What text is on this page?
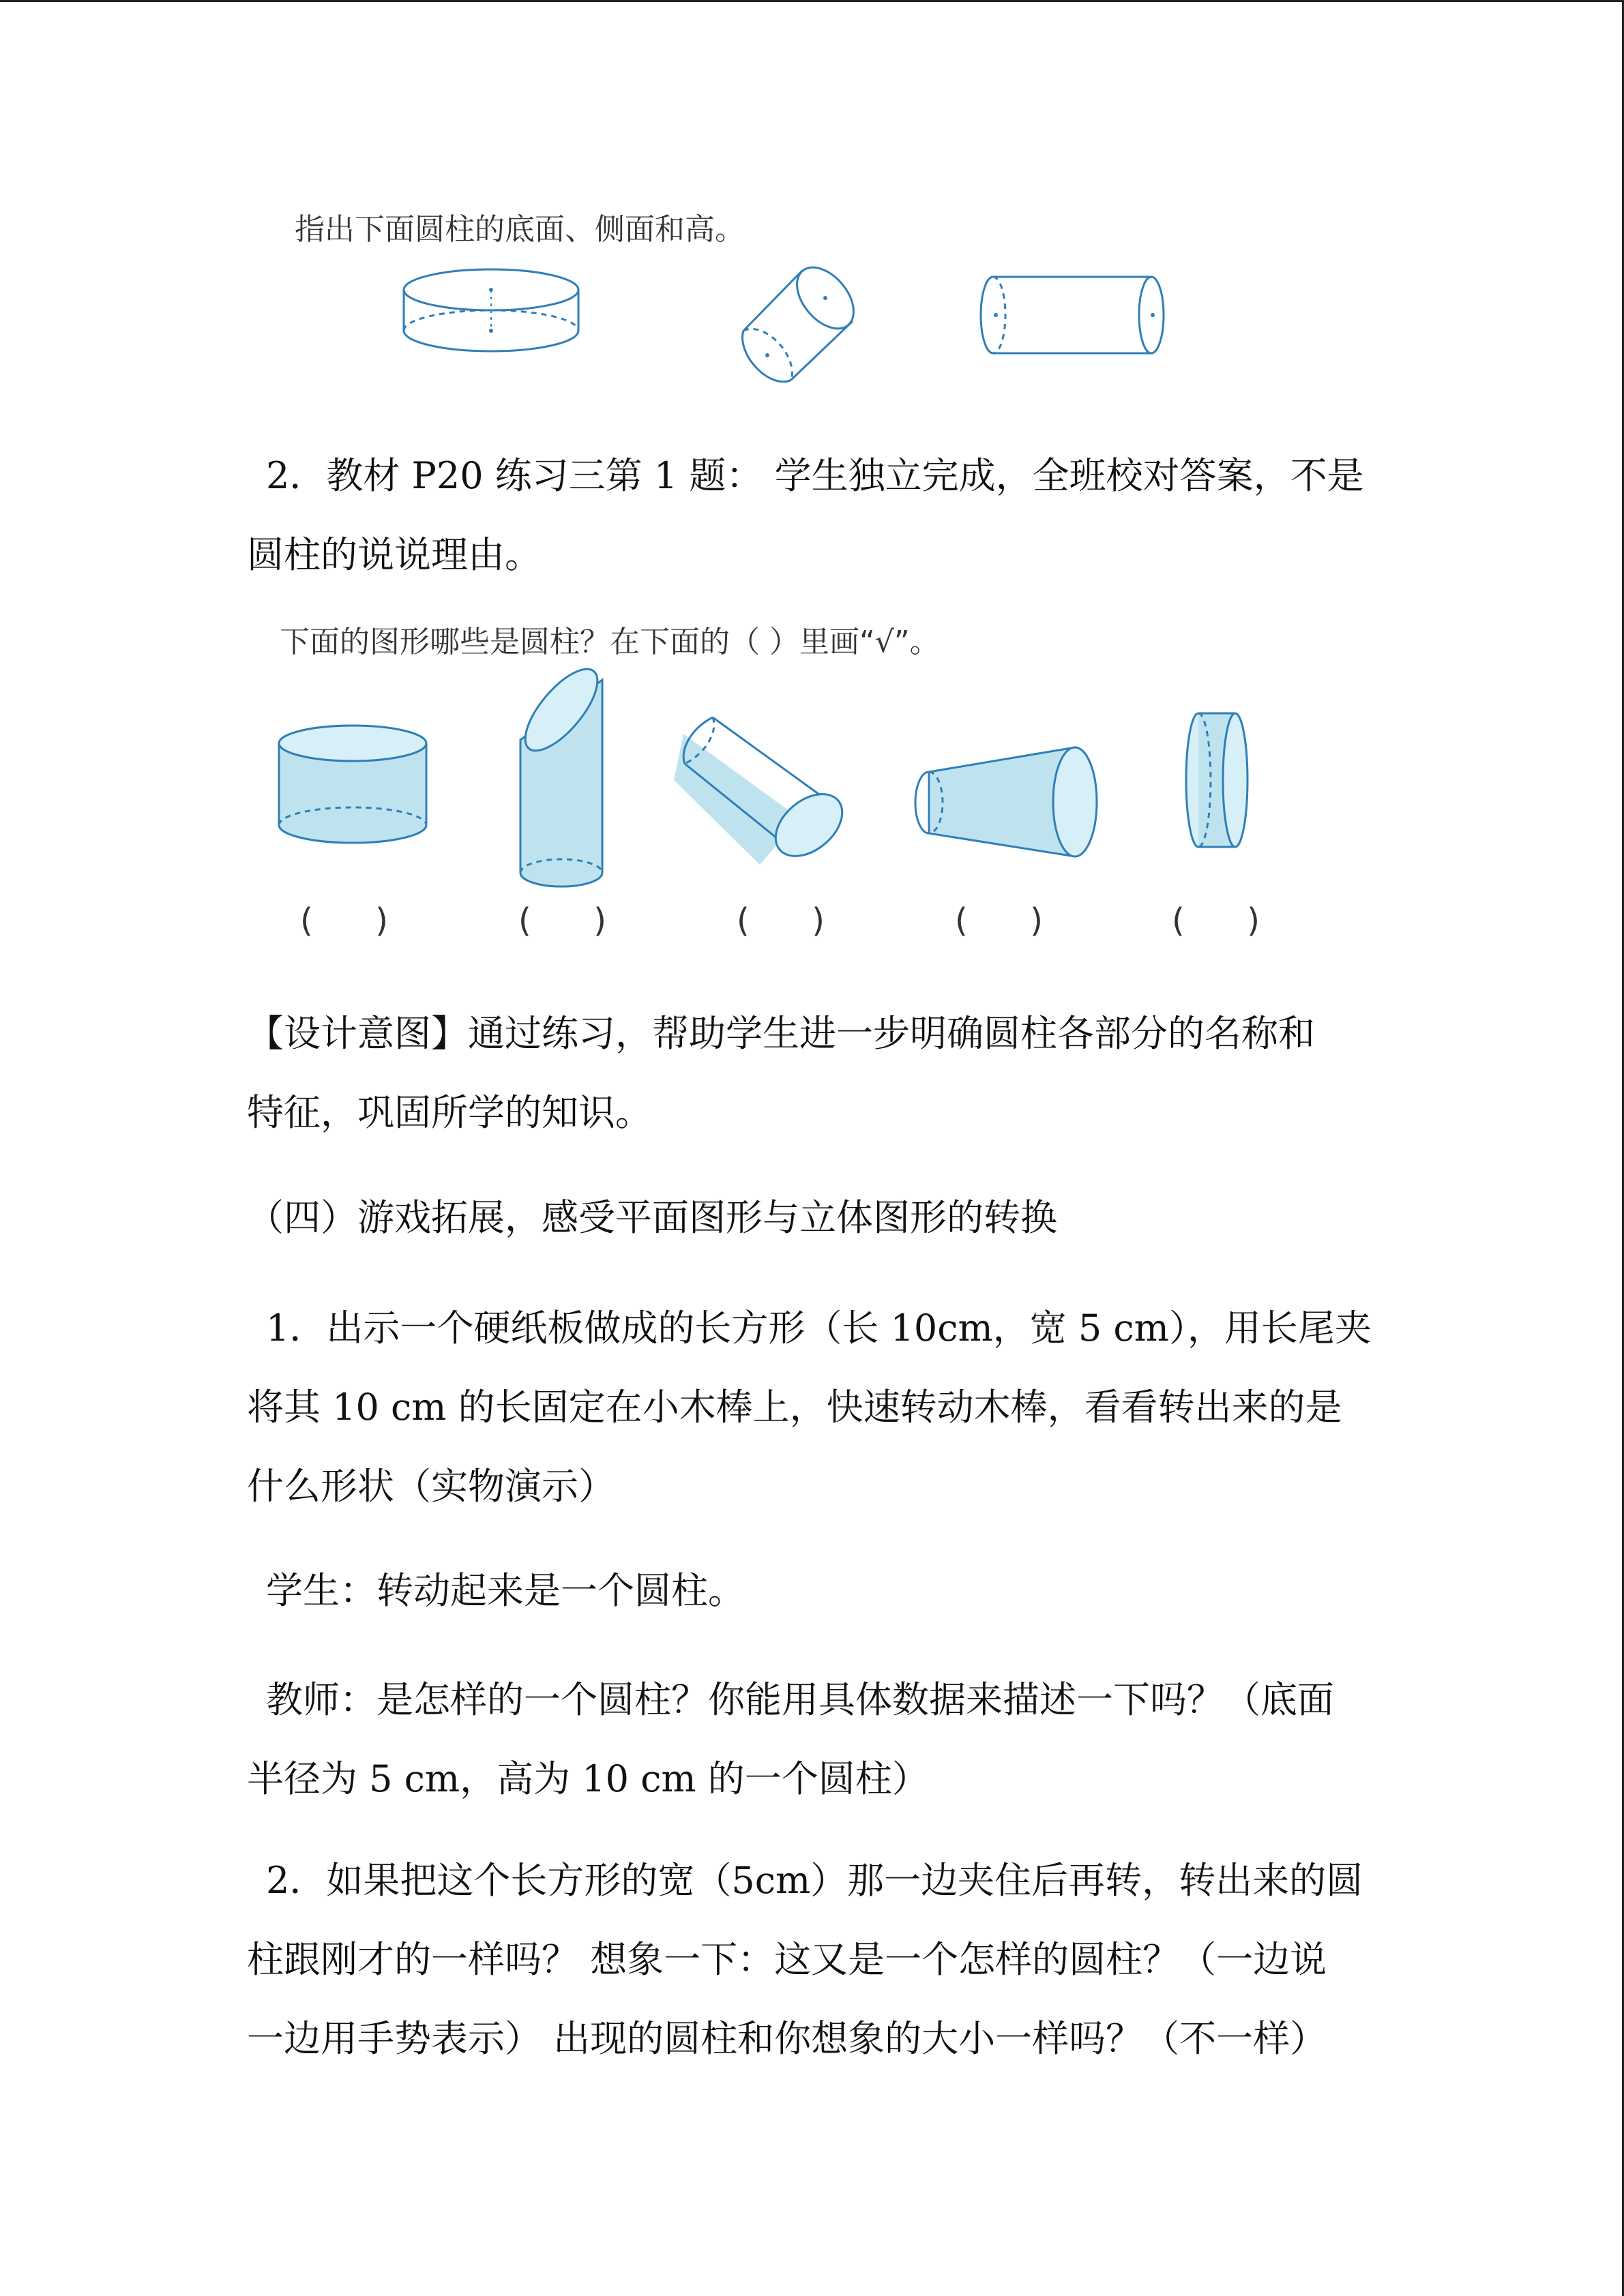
指出下面圆柱的底面、侧面和高。
2．教材 P20 练习三第 1 题： 学生独立完成，全班校对答案，不是
圆柱的说说理由。
下面的图形哪些是圆柱？在下面的（ ）里画“√”。
(      )	(      )	(      )	(      )	(      )
【设计意图】通过练习，帮助学生进一步明确圆柱各部分的名称和
特征，巩固所学的知识。
（四）游戏拓展，感受平面图形与立体图形的转换
1．出示一个硬纸板做成的长方形（长 10cm，宽 5 cm），用长尾夹
将其 10 cm 的长固定在小木棒上，快速转动木棒，看看转出来的是
什么形状（实物演示）
学生：转动起来是一个圆柱。
教师：是怎样的一个圆柱？你能用具体数据来描述一下吗？（底面
半径为 5 cm，高为 10 cm 的一个圆柱）
2．如果把这个长方形的宽（5cm）那一边夹住后再转，转出来的圆
柱跟刚才的一样吗？ 想象一下：这又是一个怎样的圆柱？（一边说
一边用手势表示） 出现的圆柱和你想象的大小一样吗？（不一样）
